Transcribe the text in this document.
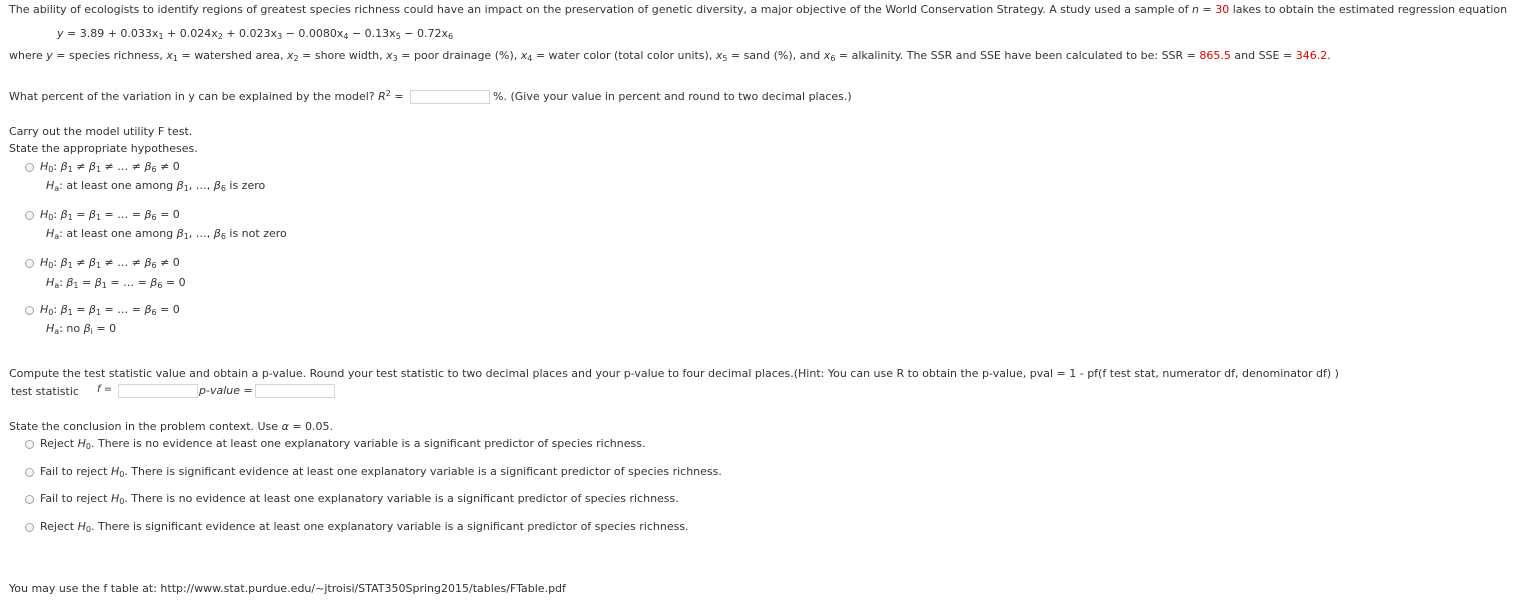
The ability of ecologists to identify regions of greatest species richness could have an impact on the preservation of genetic diversity, a major objective of the World Conservation Strategy. A study used a sample of n = 30 lakes to obtain the estimated regression equation
$y = 3.89 + 0.033x_1 + 0.024x_2 + 0.023x_3 - 0.0080x_4 - 0.13x_5 - 0.72x_6$
where y = species richness, $x_1$ = watershed area, $x_2$ = shore width, $x_3$ = poor drainage (%), $x_4$ = water color (total color units), $x_5$ = sand (%), and $x_6$ = alkalinity. The SSR and SSE have been calculated to be: SSR = 865.5 and SSE = 346.2.
What percent of the variation in y can be explained by the model? $R^2$ =	%. (Give your value in percent and round to two decimal places.)
Carry out the model utility F test.
State the appropriate hypotheses.
$H_0$: $\beta_1 \ne \beta_1$ ≠ … ≠ $\beta_6 \ne 0$
$H_a$: at least one among $\beta_1$, …, $\beta_6$ is zero
$H_0$: $\beta_1 = \beta_1$ = … = $\beta_6 = 0$
$H_a$: at least one among $\beta_1$, …, $\beta_6$ is not zero
$H_0$: $\beta_1 \ne \beta_1$ ≠ … ≠ $\beta_6 \ne 0$
$H_a$: $\beta_1 = \beta_1$ = … = $\beta_6 = 0$
$H_0$: $\beta_1 = \beta_1$ = … = $\beta_6 = 0$
$H_a$: no $\beta_i = 0$
Compute the test statistic value and obtain a p-value. Round your test statistic to two decimal places and your p-value to four decimal places.(Hint: You can use R to obtain the p-value, pval = 1 - pf(f test stat, numerator df, denominator df) )
test statistic f =	p-value =
State the conclusion in the problem context. Use α = 0.05.
Reject $H_0$. There is no evidence at least one explanatory variable is a significant predictor of species richness.
Fail to reject $H_0$. There is significant evidence at least one explanatory variable is a significant predictor of species richness.
Fail to reject $H_0$. There is no evidence at least one explanatory variable is a significant predictor of species richness.
Reject $H_0$. There is significant evidence at least one explanatory variable is a significant predictor of species richness.
You may use the f table at: http://www.stat.purdue.edu/~jtroisi/STAT350Spring2015/tables/FTable.pdf
